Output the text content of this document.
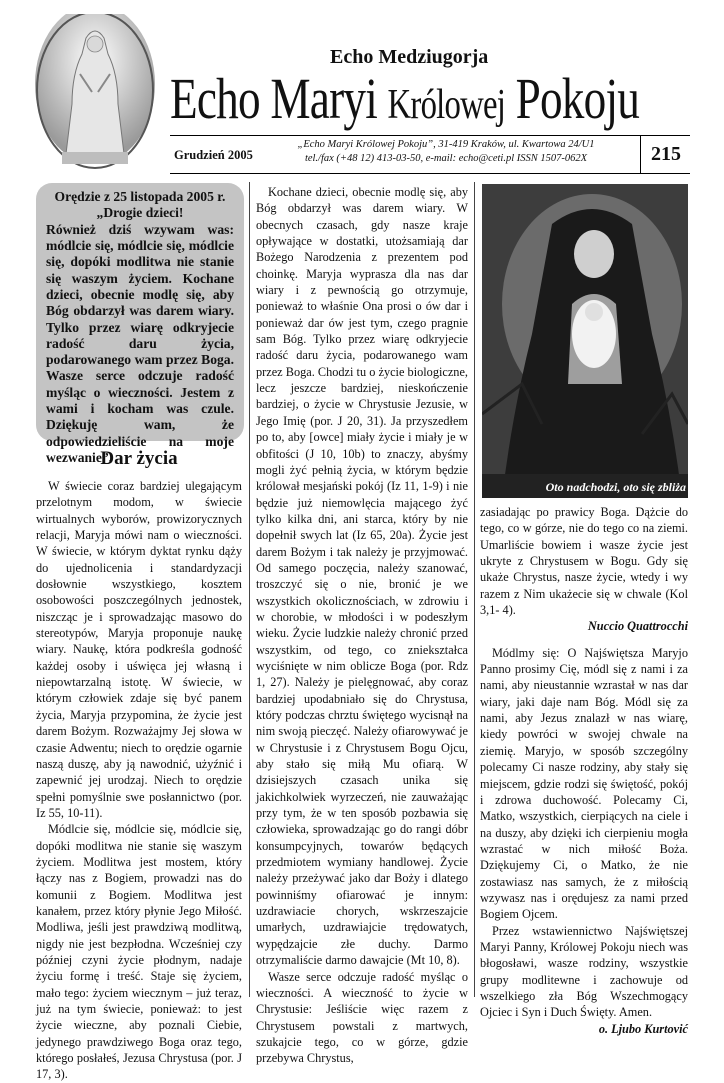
Echo Medziugorja
Echo Maryi Królowej Pokoju
Grudzień 2005
„Echo Maryi Królowej Pokoju”, 31-419 Kraków, ul. Kwartowa 24/U1
tel./fax (+48 12) 413-03-50, e-mail: echo@ceti.pl ISSN 1507-062X	215

Orędzie z 25 listopada 2005 r.

„Drogie dzieci!

Również dziś wzywam was: módlcie się, módlcie się, módlcie się, dopóki modlitwa nie stanie się waszym życiem. Kochane dzieci, obecnie modlę się, aby Bóg obdarzył was darem wiary. Tylko przez wiarę odkryjecie radość daru życia, podarowanego wam przez Boga. Wasze serce odczuje radość myśląc o wieczności. Jestem z wami i kocham was czule. Dziękuję wam, że odpowiedzieliście na moje wezwanie”.

Dar życia

W świecie coraz bardziej ulegającym przelotnym modom, w świecie wirtualnych wyborów, prowizorycznych relacji, Maryja mówi nam o wieczności. W świecie, w którym dyktat rynku dąży do ujednolicenia i standardyzacji dosłownie wszystkiego, kosztem osobowości poszczególnych jednostek, niszcząc je i sprowadzając masowo do stereotypów, Maryja proponuje naukę wiary. Naukę, która podkreśla godność każdej osoby i uświęca jej własną i niepowtarzalną istotę. W świecie, w którym człowiek zdaje się być panem życia, Maryja przypomina, że życie jest darem Bożym. Rozważajmy Jej słowa w czasie Adwentu; niech to orędzie ogarnie naszą duszę, aby ją nawodnić, użyźnić i zapewnić jej urodzaj. Niech to orędzie spełni pomyślnie swe posłannictwo (por. Iz 55, 10-11).

Módlcie się, módlcie się, módlcie się, dopóki modlitwa nie stanie się waszym życiem. Modlitwa jest mostem, który łączy nas z Bogiem, prowadzi nas do komunii z Bogiem. Modlitwa jest kanałem, przez który płynie Jego Miłość. Modliwa, jeśli jest prawdziwą modlitwą, nigdy nie jest bezpłodna. Wcześniej czy później czyni życie płodnym, nadaje życiu formę i treść. Staje się życiem, mało tego: życiem wiecznym – już teraz, już na tym świecie, ponieważ: to jest życie wieczne, aby poznali Ciebie, jedynego prawdziwego Boga oraz tego, którego posłałeś, Jezusa Chrystusa (por. J 17, 3).

Kochane dzieci, obecnie modlę się, aby Bóg obdarzył was darem wiary. W obecnych czasach, gdy nasze kraje opływające w dostatki, utożsamiają dar Bożego Narodzenia z prezentem pod choinkę. Maryja wyprasza dla nas dar wiary i z pewnością go otrzymuje, ponieważ to właśnie Ona prosi o ów dar i ponieważ dar ów jest tym, czego pragnie sam Bóg. Tylko przez wiarę odkryjecie radość daru życia, podarowanego wam przez Boga. Chodzi tu o życie biologiczne, lecz jeszcze bardziej, nieskończenie bardziej, o życie w Chrystusie Jezusie, w Jego Imię (por. J 20, 31). Ja przyszedłem po to, aby [owce] miały życie i miały je w obfitości (J 10, 10b) to znaczy, abyśmy mogli żyć pełnią życia, w którym będzie królował mesjański pokój (Iz 11, 1-9) i nie będzie już niemowlęcia mającego żyć tylko kilka dni, ani starca, który by nie dopełnił swych lat (Iz 65, 20a). Życie jest darem Bożym i tak należy je przyjmować. Od samego poczęcia, należy szanować, troszczyć się o nie, bronić je we wszystkich okolicznościach, w zdrowiu i w chorobie, w młodości i w podeszłym wieku. Życie ludzkie należy chronić przed wszystkim, od tego, co zniekształca wyciśnięte w nim oblicze Boga (por. Rdz 1, 27). Należy je pielęgnować, aby coraz bardziej upodabniało się do Chrystusa, który podczas chrztu świętego wycisnął na nim swoją pieczęć. Należy ofiarowywać je w Chrystusie i z Chrystusem Bogu Ojcu, aby stało się miłą Mu ofiarą. W dzisiejszych czasach unika się jakichkolwiek wyrzeczeń, nie zauważając przy tym, że w ten sposób pozbawia się człowieka, sprowadzając go do rangi dóbr konsumpcyjnych, towarów będących przedmiotem wymiany handlowej. Życie należy przeżywać jako dar Boży i dlatego powinniśmy ofiarować je innym: uzdrawiacie chorych, wskrzeszajcie umarłych, uzdrawiajcie trędowatych, wypędzajcie złe duchy. Darmo otrzymaliście darmo dawajcie (Mt 10, 8).

Wasze serce odczuje radość myśląc o wieczności. A wieczność to życie w Chrystusie: Jeśliście więc razem z Chrystusem powstali z martwych, szukajcie tego, co w górze, gdzie przebywa Chrystus,

Oto nadchodzi, oto się zbliża

zasiadając po prawicy Boga. Dążcie do tego, co w górze, nie do tego co na ziemi. Umarliście bowiem i wasze życie jest ukryte z Chrystusem w Bogu. Gdy się ukaże Chrystus, nasze życie, wtedy i wy razem z Nim ukażecie się w chwale (Kol 3,1- 4).

Nuccio Quattrocchi

Módlmy się: O Najświętsza Maryjo Panno prosimy Cię, módl się z nami i za nami, aby nieustannie wzrastał w nas dar wiary, jaki daje nam Bóg. Módl się za nami, aby Jezus znalazł w nas wiarę, kiedy powróci w swojej chwale na ziemię. Maryjo, w sposób szczególny polecamy Ci nasze rodziny, aby stały się miejscem, gdzie rodzi się świętość, pokój i zdrowa duchowość. Polecamy Ci, Matko, wszystkich, cierpiących na ciele i na duszy, aby dzięki ich cierpieniu mogła wzrastać w nich miłość Boża. Dziękujemy Ci, o Matko, że nie zostawiasz nas samych, że z miłością wzywasz nas i orędujesz za nami przed Bogiem Ojcem.

Przez wstawiennictwo Najświętszej Maryi Panny, Królowej Pokoju niech was błogosławi, wasze rodziny, wszystkie grupy modlitewne i zachowuje od wszelkiego zła Bóg Wszechmogący Ojciec i Syn i Duch Święty. Amen.

o. Ljubo Kurtović
